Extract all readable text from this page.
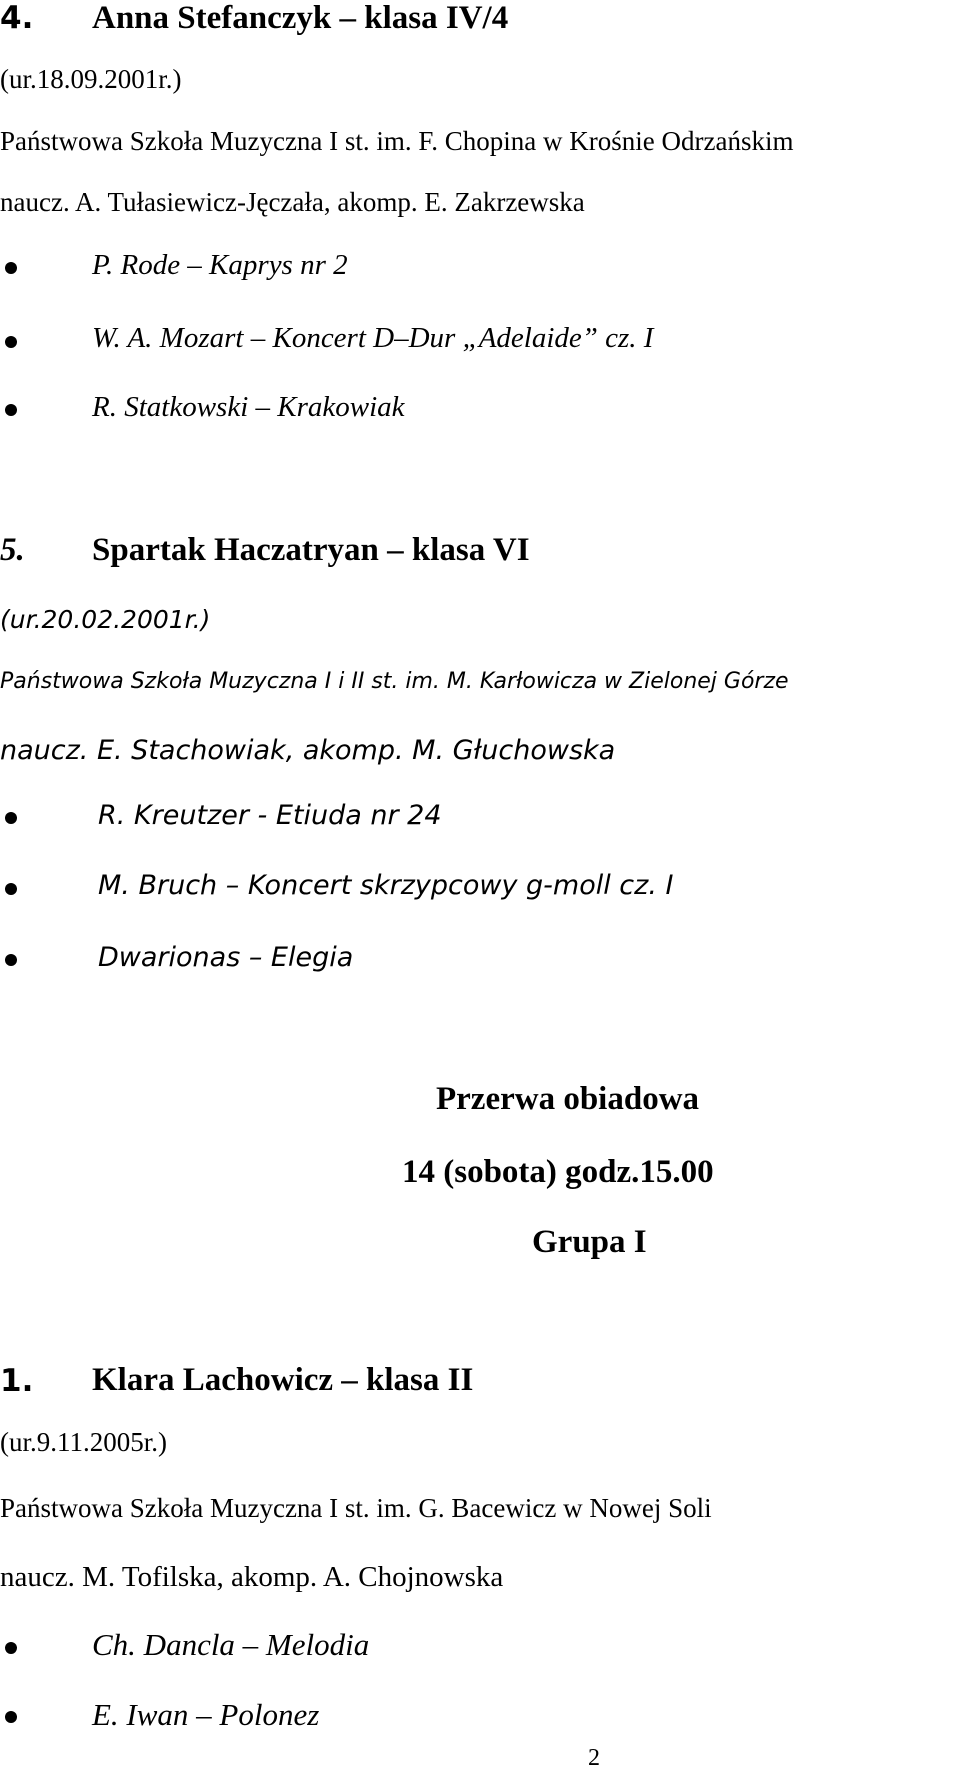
4. Anna Stefanczyk – klasa IV/4
(ur.18.09.2001r.)
Państwowa Szkoła Muzyczna I st. im. F. Chopina w Krośnie Odrzańskim
naucz. A. Tułasiewicz-Jęczała, akomp. E. Zakrzewska
P. Rode – Kaprys nr 2
W. A. Mozart – Koncert D–Dur „Adelaide” cz. I
R. Statkowski – Krakowiak
5. Spartak Haczatryan – klasa VI
(ur.20.02.2001r.)
Państwowa Szkoła Muzyczna I i II st. im. M. Karłowicza w Zielonej Górze
naucz. E. Stachowiak, akomp. M. Głuchowska
R. Kreutzer - Etiuda nr 24
M. Bruch – Koncert skrzypcowy g-moll cz. I
Dwarionas – Elegia
Przerwa obiadowa
14 (sobota) godz.15.00
Grupa I
1. Klara Lachowicz – klasa II
(ur.9.11.2005r.)
Państwowa Szkoła Muzyczna I st. im. G. Bacewicz w Nowej Soli
naucz. M. Tofilska, akomp. A. Chojnowska
Ch. Dancla – Melodia
E. Iwan – Polonez
2
